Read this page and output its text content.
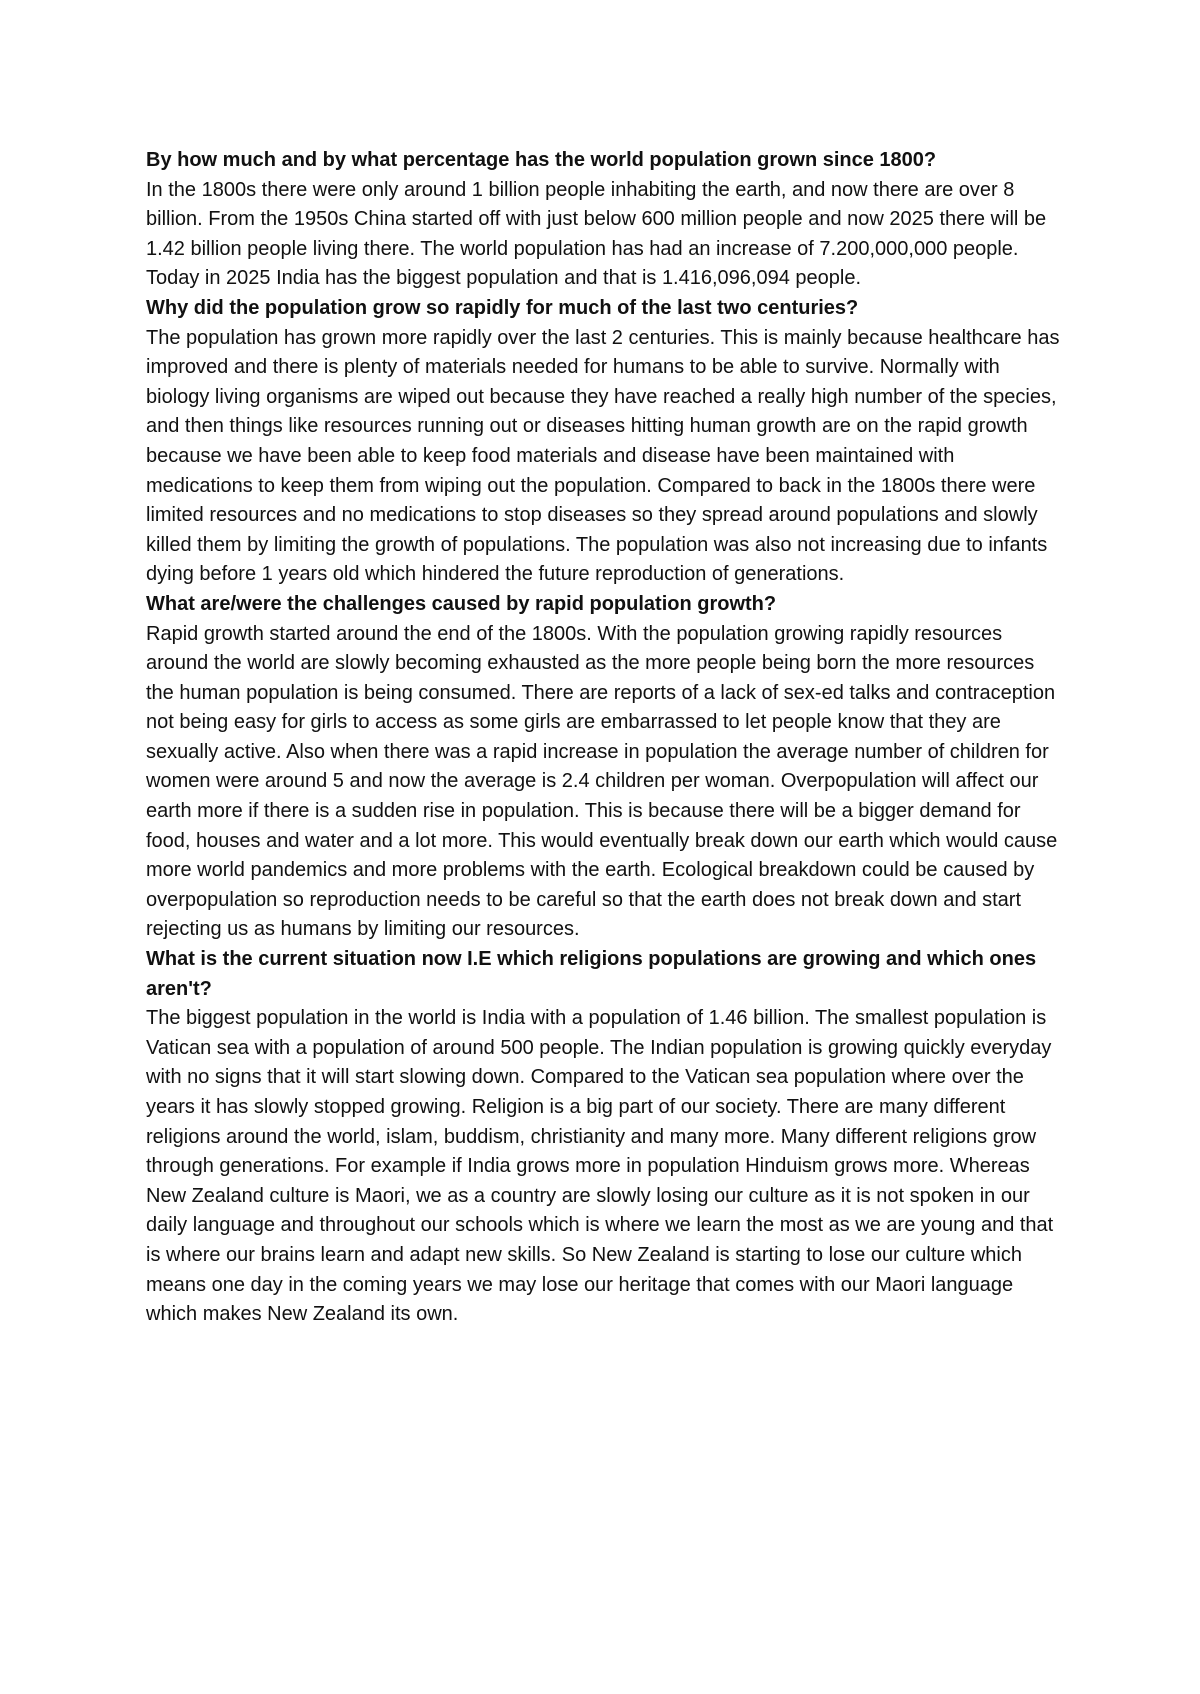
By how much and by what percentage has the world population grown since 1800?

In the 1800s there were only around 1 billion people inhabiting the earth, and now there are over 8 billion. From the 1950s China started off with just below 600 million people and now 2025 there will be 1.42 billion people living there. The world population has had an increase of 7.200,000,000 people. Today in 2025 India has the biggest population and that is 1.416,096,094 people.

Why did the population grow so rapidly for much of the last two centuries?

The population has grown more rapidly over the last 2 centuries. This is mainly because healthcare has improved and there is plenty of materials needed for humans to be able to survive. Normally with biology living organisms are wiped out because they have reached a really high number of the species, and then things like resources running out or diseases hitting human growth are on the rapid growth because we have been able to keep food materials and disease have been maintained with medications to keep them from wiping out the population. Compared to back in the 1800s there were limited resources and no medications to stop diseases so they spread around populations and slowly killed them by limiting the growth of populations. The population was also not increasing due to infants dying before 1 years old which hindered the future reproduction of generations.

What are/were the challenges caused by rapid population growth?

Rapid growth started around the end of the 1800s. With the population growing rapidly resources around the world are slowly becoming exhausted as the more people being born the more resources the human population is being consumed. There are reports of a lack of sex-ed talks and contraception not being easy for girls to access as some girls are embarrassed to let people know that they are sexually active. Also when there was a rapid increase in population the average number of children for women were around 5 and now the average is 2.4 children per woman. Overpopulation will affect our earth more if there is a sudden rise in population. This is because there will be a bigger demand for food, houses and water and a lot more. This would eventually break down our earth which would cause more world pandemics and more problems with the earth. Ecological breakdown could be caused by overpopulation so reproduction needs to be careful so that the earth does not break down and start rejecting us as humans by limiting our resources.

What is the current situation now I.E which religions populations are growing and which ones aren't?

The biggest population in the world is India with a population of 1.46 billion. The smallest population is Vatican sea with a population of around 500 people. The Indian population is growing quickly everyday with no signs that it will start slowing down. Compared to the Vatican sea population where over the years it has slowly stopped growing. Religion is a big part of our society. There are many different religions around the world, islam, buddism, christianity and many more. Many different religions grow through generations. For example if India grows more in population Hinduism grows more. Whereas New Zealand culture is Maori, we as a country are slowly losing our culture as it is not spoken in our daily language and throughout our schools which is where we learn the most as we are young and that is where our brains learn and adapt new skills. So New Zealand is starting to lose our culture which means one day in the coming years we may lose our heritage that comes with our Maori language which makes New Zealand its own.
